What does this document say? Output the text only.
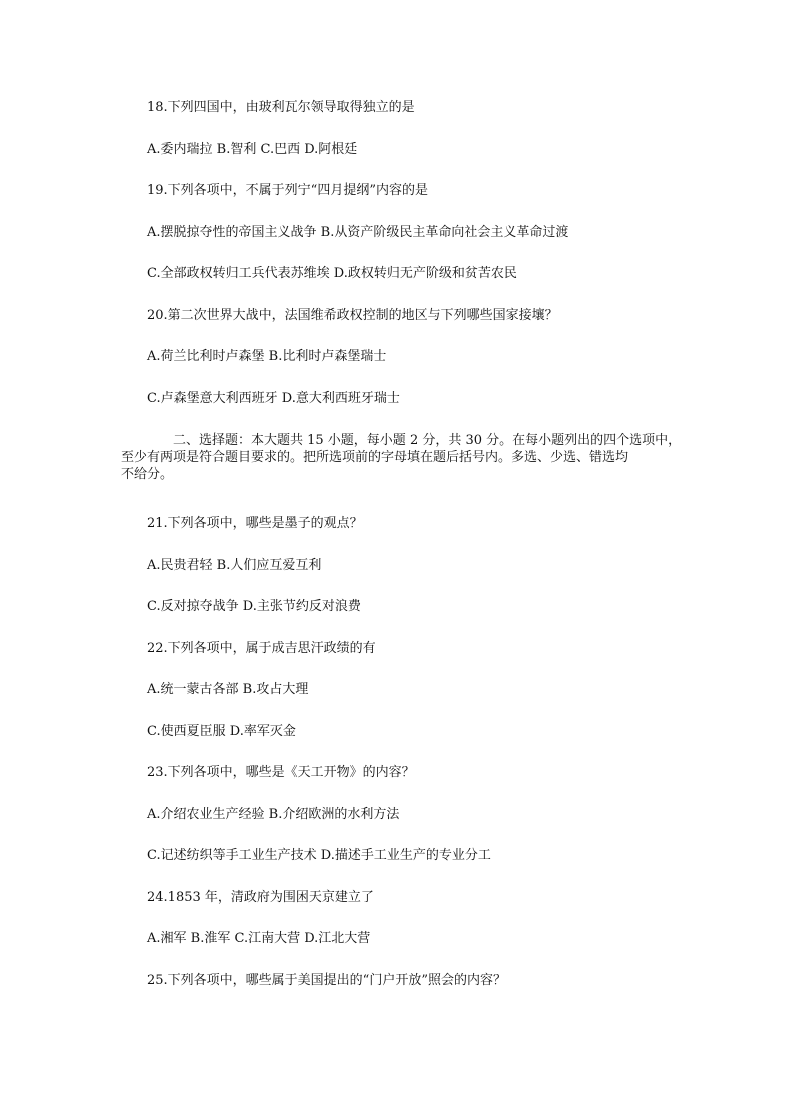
18.下列四国中，由玻利瓦尔领导取得独立的是
A.委内瑞拉 B.智利 C.巴西 D.阿根廷
19.下列各项中，不属于列宁“四月提纲”内容的是
A.摆脱掠夺性的帝国主义战争 B.从资产阶级民主革命向社会主义革命过渡
C.全部政权转归工兵代表苏维埃 D.政权转归无产阶级和贫苦农民
20.第二次世界大战中，法国维希政权控制的地区与下列哪些国家接壤？
A.荷兰比利时卢森堡 B.比利时卢森堡瑞士
C.卢森堡意大利西班牙 D.意大利西班牙瑞士
二、选择题：本大题共 15 小题，每小题 2 分，共 30 分。在每小题列出的四个选项中，
至少有两项是符合题目要求的。把所选项前的字母填在题后括号内。多选、少选、错选均
不给分。
21.下列各项中，哪些是墨子的观点？
A.民贵君轻 B.人们应互爱互利
C.反对掠夺战争 D.主张节约反对浪费
22.下列各项中，属于成吉思汗政绩的有
A.统一蒙古各部 B.攻占大理
C.使西夏臣服 D.率军灭金
23.下列各项中，哪些是《天工开物》的内容？
A.介绍农业生产经验 B.介绍欧洲的水利方法
C.记述纺织等手工业生产技术 D.描述手工业生产的专业分工
24.1853 年，清政府为围困天京建立了
A.湘军 B.淮军 C.江南大营 D.江北大营
25.下列各项中，哪些属于美国提出的“门户开放”照会的内容？
